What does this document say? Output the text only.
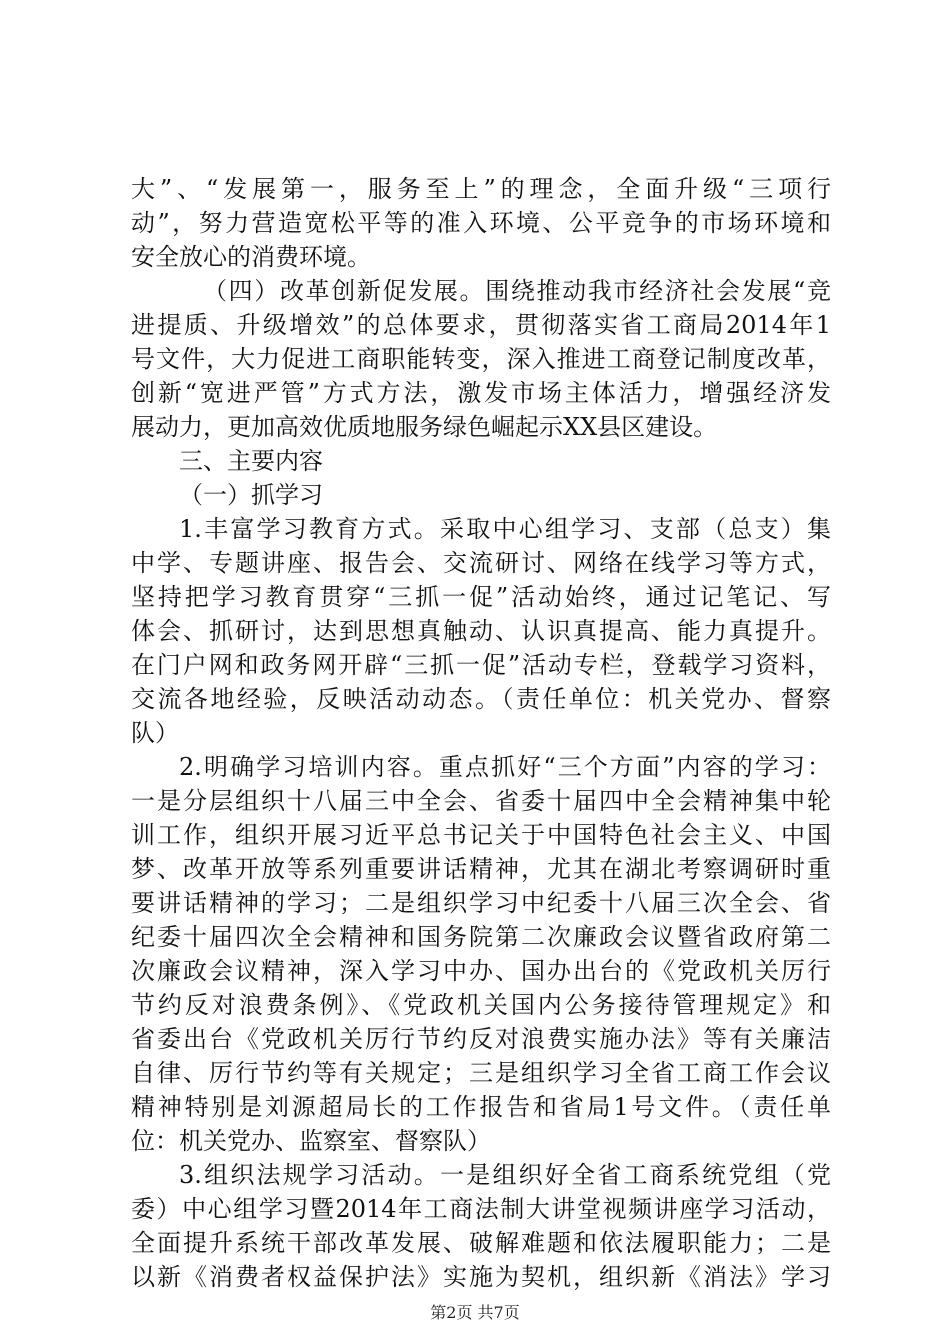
大”、“发展第一，服务至上”的理念，全面升级“三项行
动”，努力营造宽松平等的准入环境、公平竞争的市场环境和
安全放心的消费环境。
（四）改革创新促发展。围绕推动我市经济社会发展“竞
进提质、升级增效”的总体要求，贯彻落实省工商局2014年1
号文件，大力促进工商职能转变，深入推进工商登记制度改革，
创新“宽进严管”方式方法，激发市场主体活力，增强经济发
展动力，更加高效优质地服务绿色崛起示XX县区建设。
三、主要内容
（一）抓学习
1.丰富学习教育方式。采取中心组学习、支部（总支）集
中学、专题讲座、报告会、交流研讨、网络在线学习等方式，
坚持把学习教育贯穿“三抓一促”活动始终，通过记笔记、写
体会、抓研讨，达到思想真触动、认识真提高、能力真提升。
在门户网和政务网开辟“三抓一促”活动专栏，登载学习资料，
交流各地经验，反映活动动态。（责任单位：机关党办、督察
队）
2.明确学习培训内容。重点抓好“三个方面”内容的学习：
一是分层组织十八届三中全会、省委十届四中全会精神集中轮
训工作，组织开展习近平总书记关于中国特色社会主义、中国
梦、改革开放等系列重要讲话精神，尤其在湖北考察调研时重
要讲话精神的学习；二是组织学习中纪委十八届三次全会、省
纪委十届四次全会精神和国务院第二次廉政会议暨省政府第二
次廉政会议精神，深入学习中办、国办出台的《党政机关厉行
节约反对浪费条例》、《党政机关国内公务接待管理规定》和
省委出台《党政机关厉行节约反对浪费实施办法》等有关廉洁
自律、厉行节约等有关规定；三是组织学习全省工商工作会议
精神特别是刘源超局长的工作报告和省局1号文件。（责任单
位：机关党办、监察室、督察队）
3.组织法规学习活动。一是组织好全省工商系统党组（党
委）中心组学习暨2014年工商法制大讲堂视频讲座学习活动，
全面提升系统干部改革发展、破解难题和依法履职能力；二是
以新《消费者权益保护法》实施为契机，组织新《消法》学习
第2页 共7页
